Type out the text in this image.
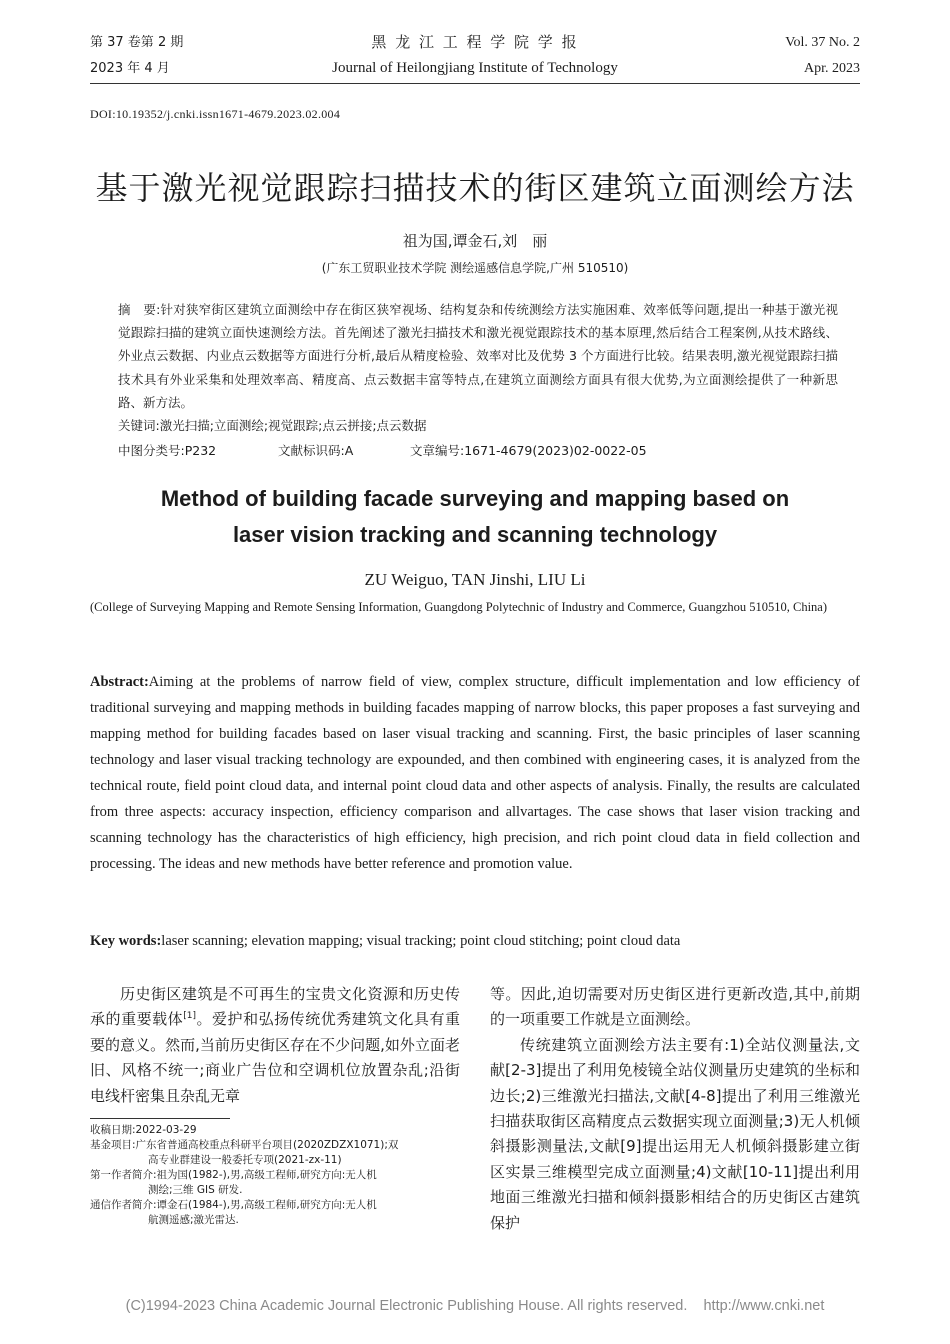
第 37 卷第 2 期
2023 年 4 月
黑 龙 江 工 程 学 院 学 报
Journal of Heilongjiang Institute of Technology
Vol. 37 No. 2
Apr. 2023
DOI:10.19352/j.cnki.issn1671-4679.2023.02.004
基于激光视觉跟踪扫描技术的街区建筑立面测绘方法
祖为国,谭金石,刘　丽
(广东工贸职业技术学院 测绘遥感信息学院,广州 510510)
摘　要:针对狭窄街区建筑立面测绘中存在街区狭窄视场、结构复杂和传统测绘方法实施困难、效率低等问题,提出一种基于激光视觉跟踪扫描的建筑立面快速测绘方法。首先阐述了激光扫描技术和激光视觉跟踪技术的基本原理,然后结合工程案例,从技术路线、外业点云数据、内业点云数据等方面进行分析,最后从精度检验、效率对比及优势 3 个方面进行比较。结果表明,激光视觉跟踪扫描技术具有外业采集和处理效率高、精度高、点云数据丰富等特点,在建筑立面测绘方面具有很大优势,为立面测绘提供了一种新思路、新方法。
关键词:激光扫描;立面测绘;视觉跟踪;点云拼接;点云数据
中图分类号:P232	文献标识码:A	文章编号:1671-4679(2023)02-0022-05
Method of building facade surveying and mapping based on
laser vision tracking and scanning technology
ZU Weiguo, TAN Jinshi, LIU Li
(College of Surveying Mapping and Remote Sensing Information, Guangdong Polytechnic of Industry and Commerce, Guangzhou 510510, China)
Abstract:Aiming at the problems of narrow field of view, complex structure, difficult implementation and low efficiency of traditional surveying and mapping methods in building facades mapping of narrow blocks, this paper proposes a fast surveying and mapping method for building facades based on laser visual tracking and scanning. First, the basic principles of laser scanning technology and laser visual tracking technology are expounded, and then combined with engineering cases, it is analyzed from the technical route, field point cloud data, and internal point cloud data and other aspects of analysis. Finally, the results are calculated from three aspects: accuracy inspection, efficiency comparison and allvartages. The case shows that laser vision tracking and scanning technology has the characteristics of high efficiency, high precision, and rich point cloud data in field collection and processing. The ideas and new methods have better reference and promotion value.
Key words:laser scanning; elevation mapping; visual tracking; point cloud stitching; point cloud data

历史街区建筑是不可再生的宝贵文化资源和历史传承的重要载体[1]。爱护和弘扬传统优秀建筑文化具有重要的意义。然而,当前历史街区存在不少问题,如外立面老旧、风格不统一;商业广告位和空调机位放置杂乱;沿街电线杆密集且杂乱无章

等。因此,迫切需要对历史街区进行更新改造,其中,前期的一项重要工作就是立面测绘。

传统建筑立面测绘方法主要有:1)全站仪测量法,文献[2-3]提出了利用免棱镜全站仪测量历史建筑的坐标和边长;2)三维激光扫描法,文献[4-8]提出了利用三维激光扫描获取街区高精度点云数据实现立面测量;3)无人机倾斜摄影测量法,文献[9]提出运用无人机倾斜摄影建立街区实景三维模型完成立面测量;4)文献[10-11]提出利用地面三维激光扫描和倾斜摄影相结合的历史街区古建筑保护

收稿日期:2022-03-29
基金项目:广东省普通高校重点科研平台项目(2020ZDZX1071);双
高专业群建设一般委托专项(2021-zx-11)
第一作者简介:祖为国(1982-),男,高级工程师,研究方向:无人机
测绘;三维 GIS 研发.
通信作者简介:谭金石(1984-),男,高级工程师,研究方向:无人机
航测遥感;激光雷达.
(C)1994-2023 China Academic Journal Electronic Publishing House. All rights reserved.    http://www.cnki.net
